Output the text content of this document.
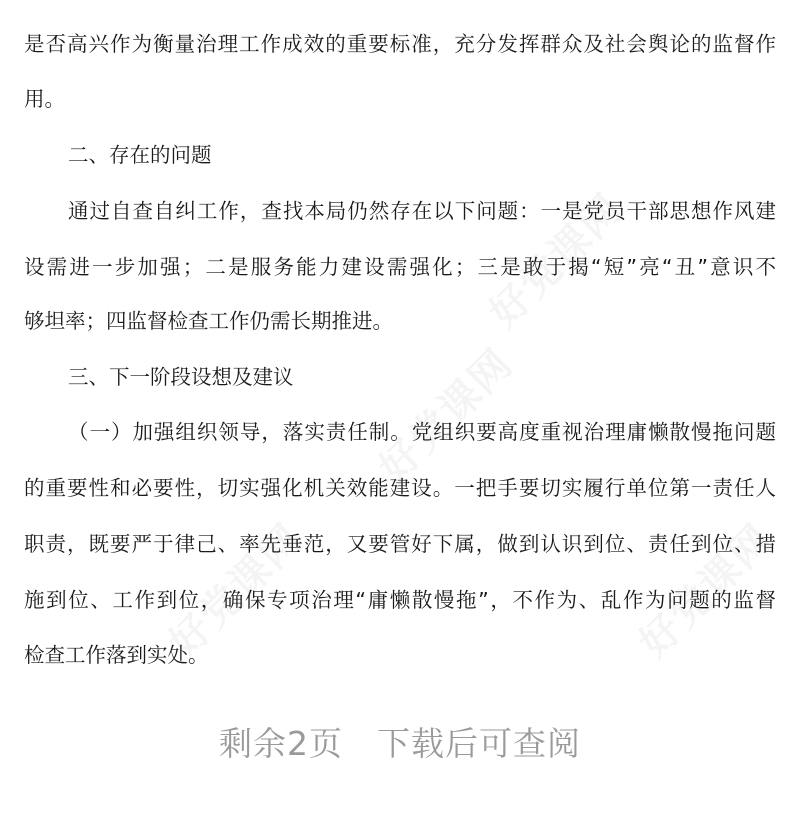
是否高兴作为衡量治理工作成效的重要标准，充分发挥群众及社会舆论的监督作
用。
二、存在的问题
通过自查自纠工作，查找本局仍然存在以下问题：一是党员干部思想作风建
设需进一步加强；二是服务能力建设需强化；三是敢于揭“短”亮“丑”意识不
够坦率；四监督检查工作仍需长期推进。
三、下一阶段设想及建议
（一）加强组织领导，落实责任制。党组织要高度重视治理庸懒散慢拖问题
的重要性和必要性，切实强化机关效能建设。一把手要切实履行单位第一责任人
职责，既要严于律己、率先垂范，又要管好下属，做到认识到位、责任到位、措
施到位、工作到位，确保专项治理“庸懒散慢拖”，不作为、乱作为问题的监督
检查工作落到实处。
剩余2页 下载后可查阅
